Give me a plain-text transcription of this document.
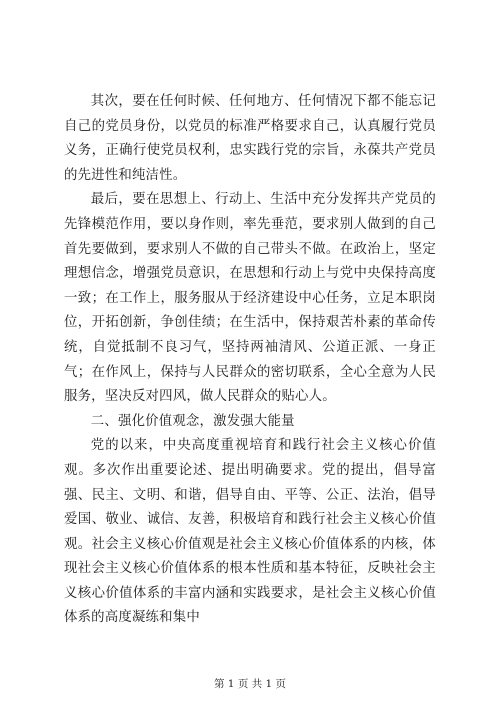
其次，要在任何时候、任何地方、任何情况下都不能忘记自己的党员身份，以党员的标准严格要求自己，认真履行党员义务，正确行使党员权利，忠实践行党的宗旨，永葆共产党员的先进性和纯洁性。

最后，要在思想上、行动上、生活中充分发挥共产党员的先锋模范作用，要以身作则，率先垂范，要求别人做到的自己首先要做到，要求别人不做的自己带头不做。在政治上，坚定理想信念，增强党员意识，在思想和行动上与党中央保持高度一致；在工作上，服务服从于经济建设中心任务，立足本职岗位，开拓创新，争创佳绩；在生活中，保持艰苦朴素的革命传统，自觉抵制不良习气，坚持两袖清风、公道正派、一身正气；在作风上，保持与人民群众的密切联系，全心全意为人民服务，坚决反对四风，做人民群众的贴心人。

二、强化价值观念，激发强大能量

党的以来，中央高度重视培育和践行社会主义核心价值观。多次作出重要论述、提出明确要求。党的提出，倡导富强、民主、文明、和谐，倡导自由、平等、公正、法治，倡导爱国、敬业、诚信、友善，积极培育和践行社会主义核心价值观。社会主义核心价值观是社会主义核心价值体系的内核，体现社会主义核心价值体系的根本性质和基本特征，反映社会主义核心价值体系的丰富内涵和实践要求，是社会主义核心价值体系的高度凝练和集中

第 1 页 共 1 页
